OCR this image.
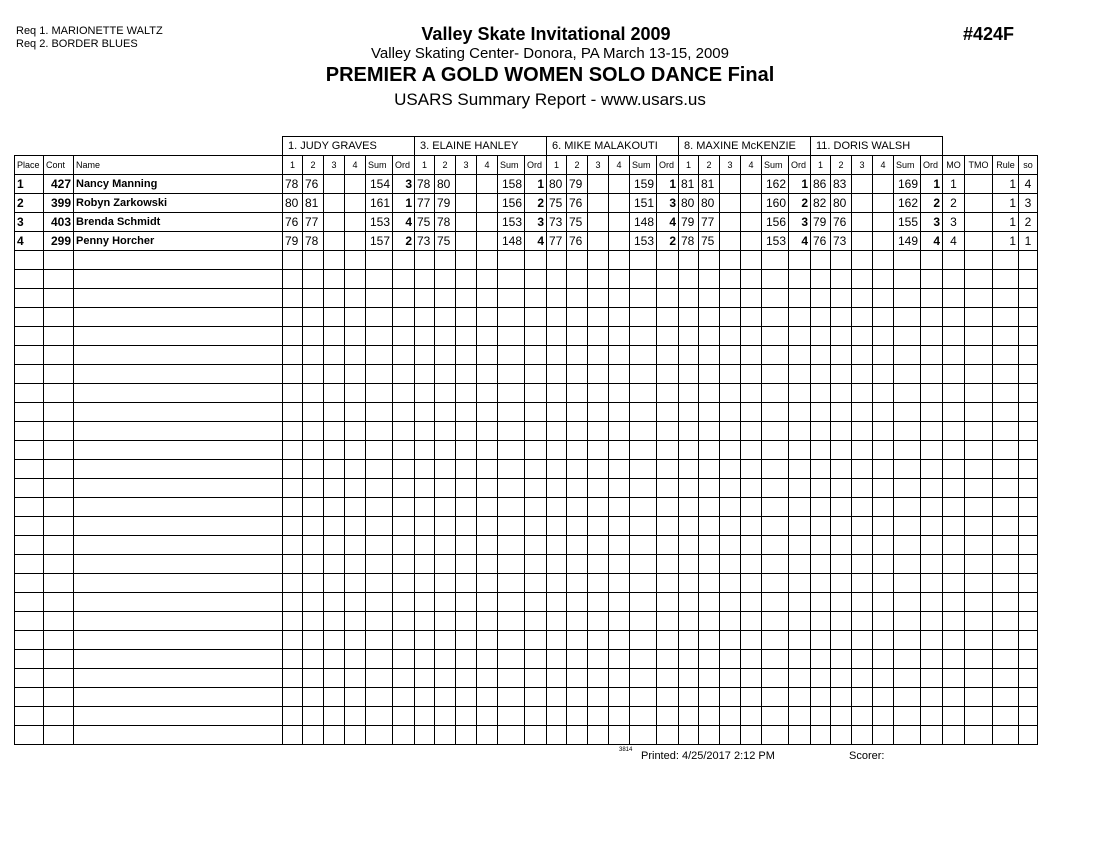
Req 1. MARIONETTE WALTZ
Req 2. BORDER BLUES	Valley Skate Invitational 2009
Valley Skating Center- Donora, PA March 13-15, 2009
PREMIER A GOLD WOMEN SOLO DANCE Final
USARS Summary Report - www.usars.us
#424F
			1. JUDY GRAVES						3. ELAINE HANLEY						6. MIKE MALAKOUTI						8. MAXINE McKENZIE						11. DORIS WALSH									
Place	Cont	Name	1	2	3	4	Sum	Ord	1	2	3	4	Sum	Ord	1	2	3	4	Sum	Ord	1	2	3	4	Sum	Ord	1	2	3	4	Sum	Ord	MO	TMO	Rule	so
1	427	Nancy Manning	78	76			154	3	78	80			158	1	80	79			159	1	81	81			162	1	86	83			169	1	1		1	4
2	399	Robyn Zarkowski	80	81			161	1	77	79			156	2	75	76			151	3	80	80			160	2	82	80			162	2	2		1	3
3	403	Brenda Schmidt	76	77			153	4	75	78			153	3	73	75			148	4	79	77			156	3	79	76			155	3	3		1	2
4	299	Penny Horcher	79	78			157	2	73	75			148	4	77	76			153	2	78	75			153	4	76	73			149	4	4		1	1

3814 Printed: 4/25/2017 2:12 PM	Scorer:
